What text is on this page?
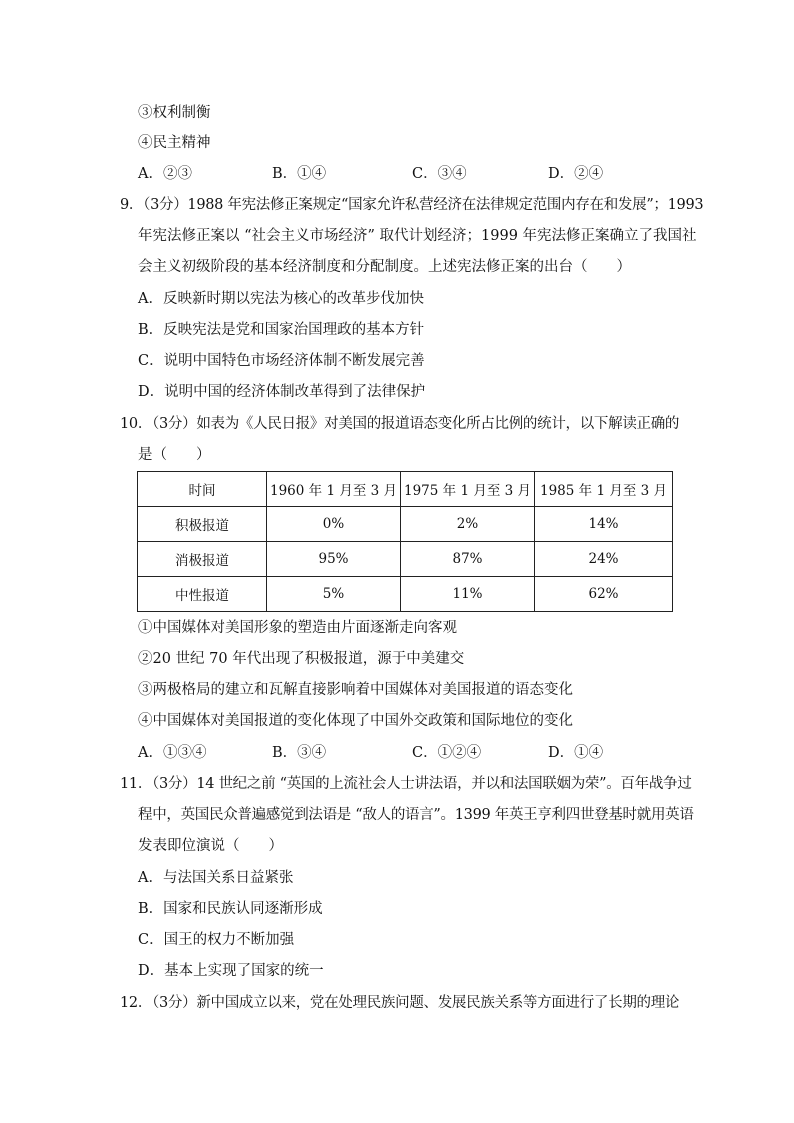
③权利制衡
④民主精神
A．②③	B．①④	C．③④	D．②④
9．（3分）1988 年宪法修正案规定“国家允许私营经济在法律规定范围内存在和发展”；1993
年宪法修正案以 “社会主义市场经济” 取代计划经济；1999 年宪法修正案确立了我国社
会主义初级阶段的基本经济制度和分配制度。上述宪法修正案的出台（　　）
A．反映新时期以宪法为核心的改革步伐加快
B．反映宪法是党和国家治国理政的基本方针
C．说明中国特色市场经济体制不断发展完善
D．说明中国的经济体制改革得到了法律保护
10．（3分）如表为《人民日报》对美国的报道语态变化所占比例的统计，以下解读正确的
是（　　）
时间	1960 年 1 月至 3 月	1975 年 1 月至 3 月	1985 年 1 月至 3 月
积极报道	0%	2%	14%
消极报道	95%	87%	24%
中性报道	5%	11%	62%
①中国媒体对美国形象的塑造由片面逐渐走向客观
②20 世纪 70 年代出现了积极报道，源于中美建交
③两极格局的建立和瓦解直接影响着中国媒体对美国报道的语态变化
④中国媒体对美国报道的变化体现了中国外交政策和国际地位的变化
A．①③④	B．③④	C．①②④	D．①④
11．（3分）14 世纪之前 “英国的上流社会人士讲法语，并以和法国联姻为荣”。百年战争过
程中，英国民众普遍感觉到法语是 “敌人的语言”。1399 年英王亨利四世登基时就用英语
发表即位演说（　　）
A．与法国关系日益紧张
B．国家和民族认同逐渐形成
C．国王的权力不断加强
D．基本上实现了国家的统一
12．（3分）新中国成立以来，党在处理民族问题、发展民族关系等方面进行了长期的理论
